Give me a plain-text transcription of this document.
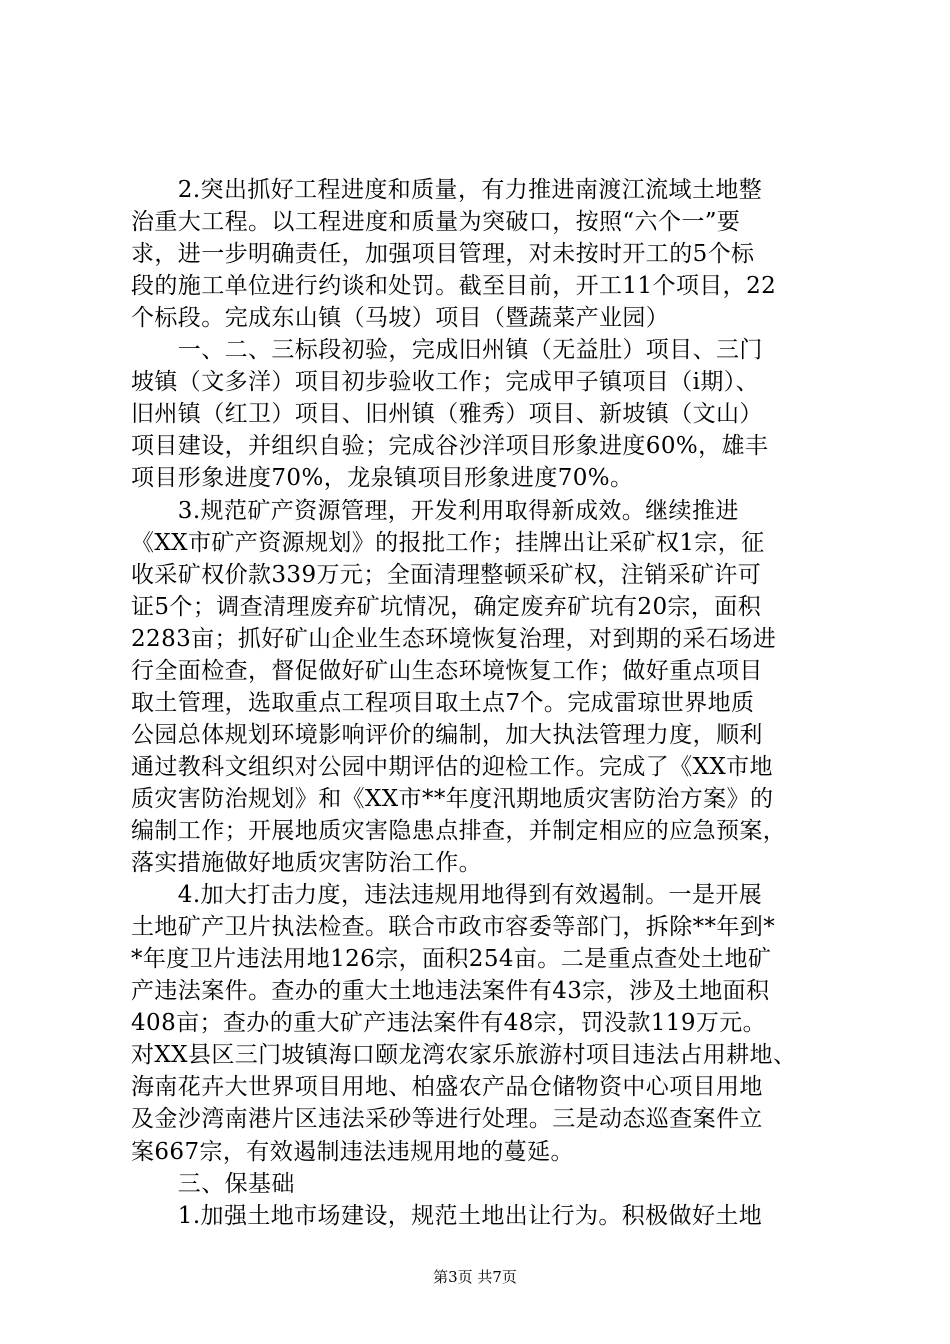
　　2.突出抓好工程进度和质量，有力推进南渡江流域土地整
治重大工程。以工程进度和质量为突破口，按照“六个一”要
求，进一步明确责任，加强项目管理，对未按时开工的5个标
段的施工单位进行约谈和处罚。截至目前，开工11个项目，22
个标段。完成东山镇（马坡）项目（暨蔬菜产业园）
　　一、二、三标段初验，完成旧州镇（无益肚）项目、三门
坡镇（文多洋）项目初步验收工作；完成甲子镇项目（i期）、
旧州镇（红卫）项目、旧州镇（雅秀）项目、新坡镇（文山）
项目建设，并组织自验；完成谷沙洋项目形象进度60%，雄丰
项目形象进度70%，龙泉镇项目形象进度70%。
　　3.规范矿产资源管理，开发利用取得新成效。继续推进
《XX市矿产资源规划》的报批工作；挂牌出让采矿权1宗，征
收采矿权价款339万元；全面清理整顿采矿权，注销采矿许可
证5个；调查清理废弃矿坑情况，确定废弃矿坑有20宗，面积
2283亩；抓好矿山企业生态环境恢复治理，对到期的采石场进
行全面检查，督促做好矿山生态环境恢复工作；做好重点项目
取土管理，选取重点工程项目取土点7个。完成雷琼世界地质
公园总体规划环境影响评价的编制，加大执法管理力度，顺利
通过教科文组织对公园中期评估的迎检工作。完成了《XX市地
质灾害防治规划》和《XX市**年度汛期地质灾害防治方案》的
编制工作；开展地质灾害隐患点排查，并制定相应的应急预案，
落实措施做好地质灾害防治工作。
　　4.加大打击力度，违法违规用地得到有效遏制。一是开展
土地矿产卫片执法检查。联合市政市容委等部门，拆除**年到*
*年度卫片违法用地126宗，面积254亩。二是重点查处土地矿
产违法案件。查办的重大土地违法案件有43宗，涉及土地面积
408亩；查办的重大矿产违法案件有48宗，罚没款119万元。
对XX县区三门坡镇海口颐龙湾农家乐旅游村项目违法占用耕地、
海南花卉大世界项目用地、柏盛农产品仓储物资中心项目用地
及金沙湾南港片区违法采砂等进行处理。三是动态巡查案件立
案667宗，有效遏制违法违规用地的蔓延。
　　三、保基础
　　1.加强土地市场建设，规范土地出让行为。积极做好土地
第3页 共7页
